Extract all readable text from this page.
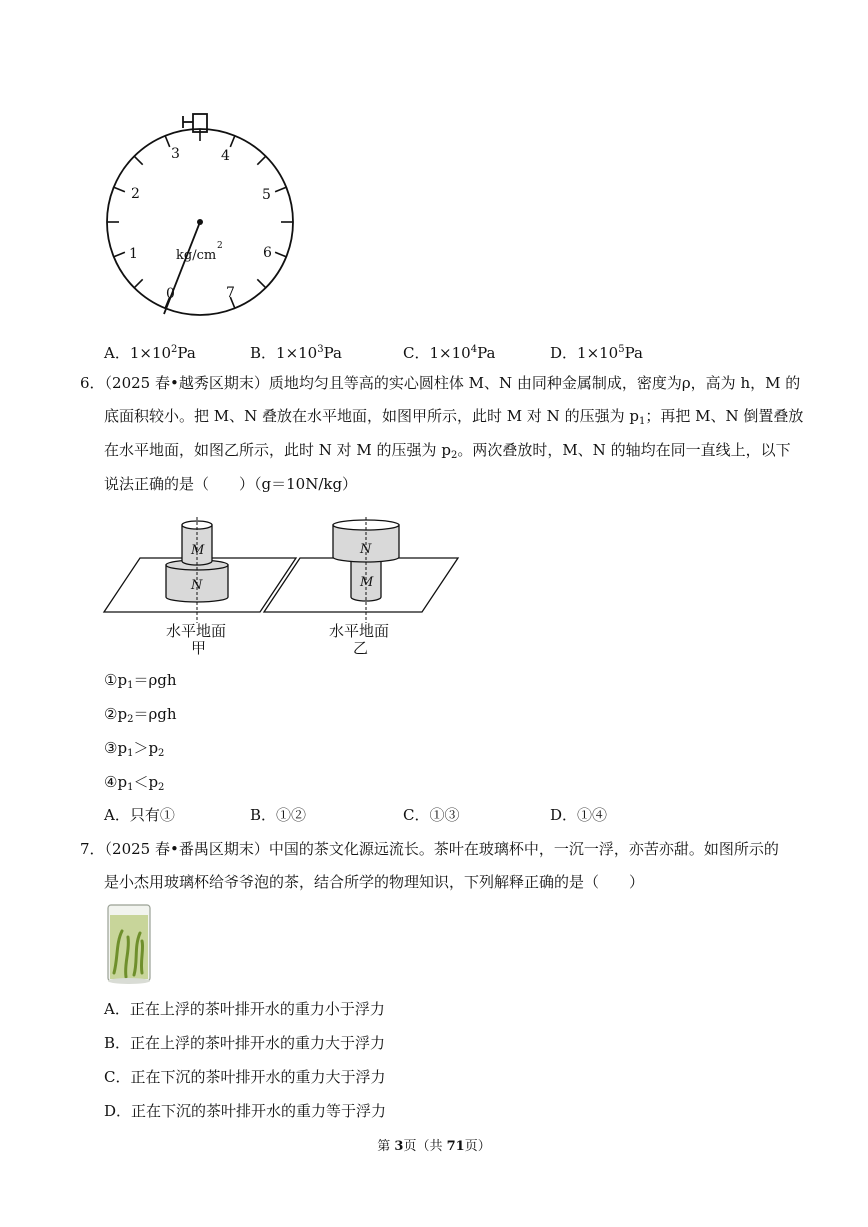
0
1
2
3	4
5
6
7
kg/cm
2
A．$1\times 10^2Pa$	B．$1\times 10^3Pa$	C．$1\times 10^4Pa$	D．$1\times 10^5Pa$
6．（2025 春•越秀区期末）质地均匀且等高的实心圆柱体 M、N 由同种金属制成，密度为ρ，高为 h，M 的
底面积较小。把 M、N 叠放在水平地面，如图甲所示，此时 M 对 N 的压强为 $p_1$；再把 M、N 倒置叠放
在水平地面，如图乙所示，此时 N 对 M 的压强为 $p_2$。两次叠放时，M、N 的轴均在同一直线上，以下
说法正确的是（　　）（g＝10N/kg）
M
N
N
M
水平地面
甲
水平地面
乙
$①p_1=\rho gh$
$②p_2=\rho gh$
$③p_1>p_2$
$④p_1<p_2$
A．只有①	B．①②	C．①③	D．①④
7．（2025 春•番禺区期末）中国的茶文化源远流长。茶叶在玻璃杯中，一沉一浮，亦苦亦甜。如图所示的
是小杰用玻璃杯给爷爷泡的茶，结合所学的物理知识，下列解释正确的是（　　）
A．正在上浮的茶叶排开水的重力小于浮力
B．正在上浮的茶叶排开水的重力大于浮力
C．正在下沉的茶叶排开水的重力大于浮力
D．正在下沉的茶叶排开水的重力等于浮力
第 3页（共 71页）
